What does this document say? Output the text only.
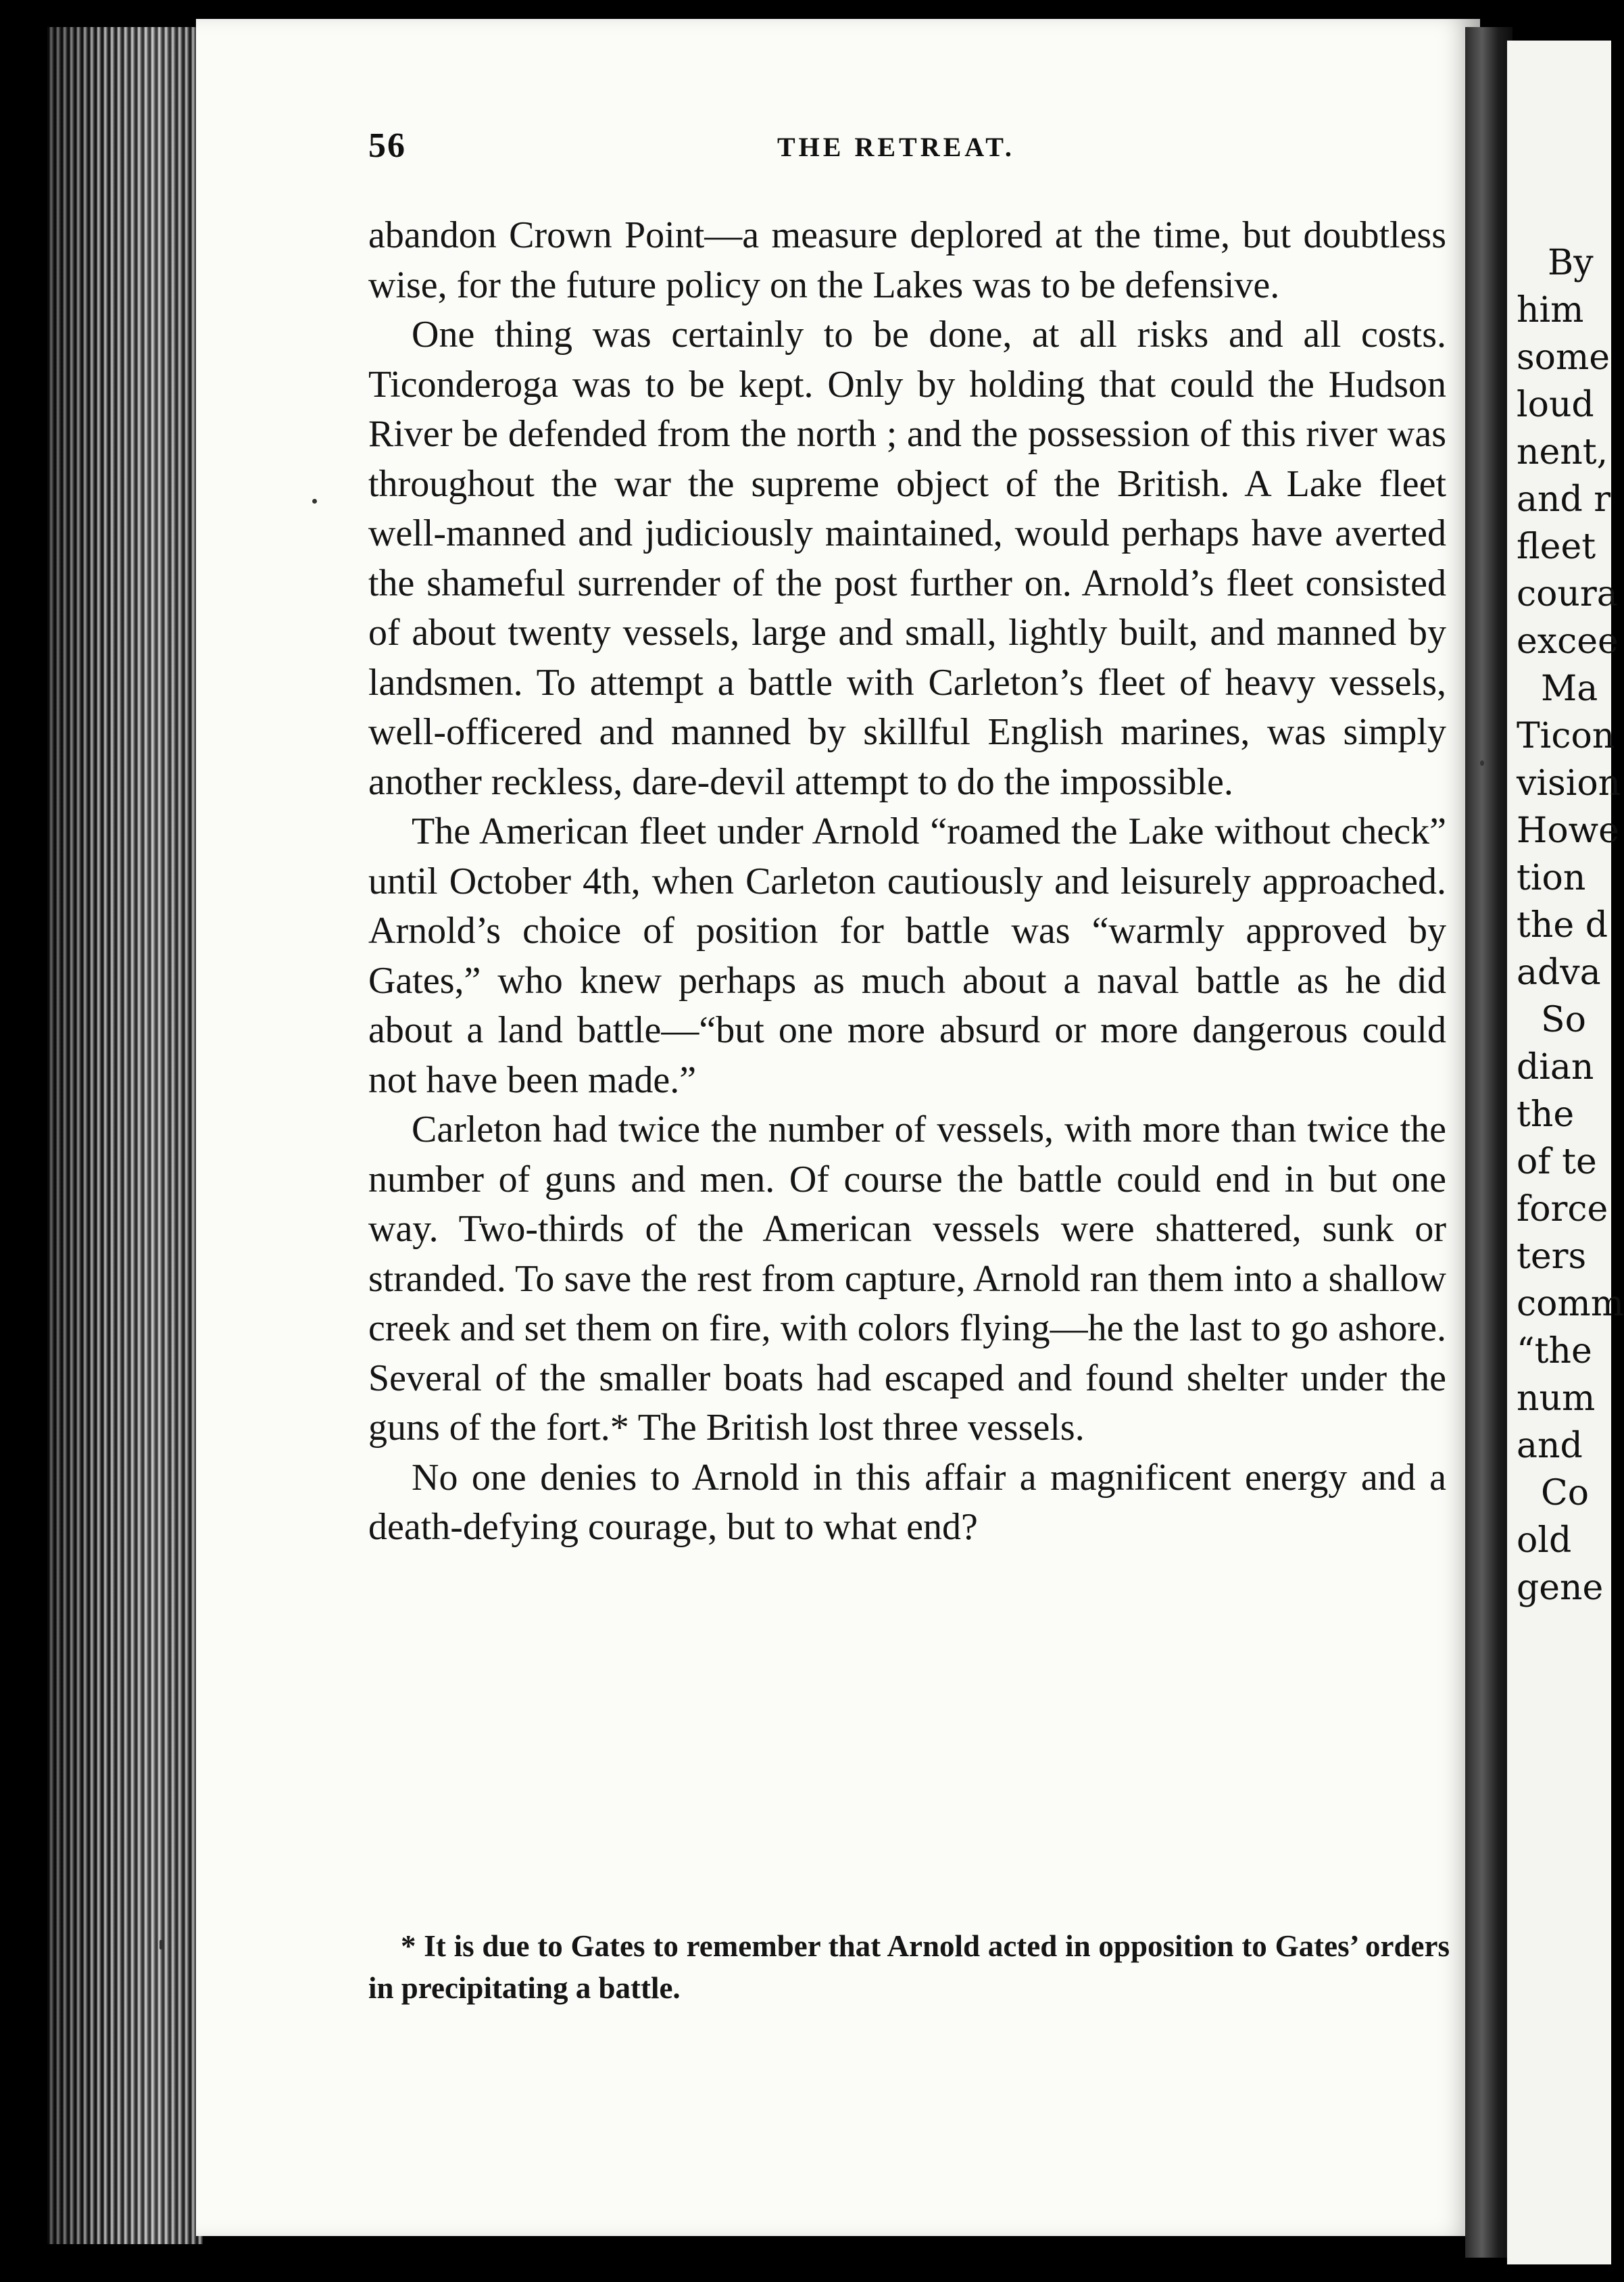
By
him
some
loud
nent,
and r
fleet
coura
excee
Ma
Ticon
vision
Howe
tion
the d
adva
So
dian
the
of te
force
ters
comm
“the
num
and
Co
old
gene
56	THE RETREAT.

abandon Crown Point—a measure deplored at the time, but doubtless wise, for the future policy on the Lakes was to be defensive.

One thing was certainly to be done, at all risks and all costs. Ticonderoga was to be kept. Only by holding that could the Hudson River be defended from the north ; and the possession of this river was throughout the war the supreme object of the British. A Lake fleet well-manned and judiciously maintained, would perhaps have averted the shameful surrender of the post further on. Arnold’s fleet consisted of about twenty vessels, large and small, lightly built, and manned by landsmen. To attempt a battle with Carleton’s fleet of heavy vessels, well-officered and manned by skillful English marines, was simply another reckless, dare-devil attempt to do the impossible.

The American fleet under Arnold “roamed the Lake without check” until October 4th, when Carleton cautiously and leisurely approached. Arnold’s choice of position for battle was “warmly approved by Gates,” who knew perhaps as much about a naval battle as he did about a land battle—“but one more absurd or more dangerous could not have been made.”

Carleton had twice the number of vessels, with more than twice the number of guns and men. Of course the battle could end in but one way. Two-thirds of the American vessels were shattered, sunk or stranded. To save the rest from capture, Arnold ran them into a shallow creek and set them on fire, with colors flying—he the last to go ashore. Several of the smaller boats had escaped and found shelter under the guns of the fort.* The British lost three vessels.

No one denies to Arnold in this affair a magnificent energy and a death-defying courage, but to what end?

* It is due to Gates to remember that Arnold acted in opposition to Gates’ orders in precipitating a battle.
